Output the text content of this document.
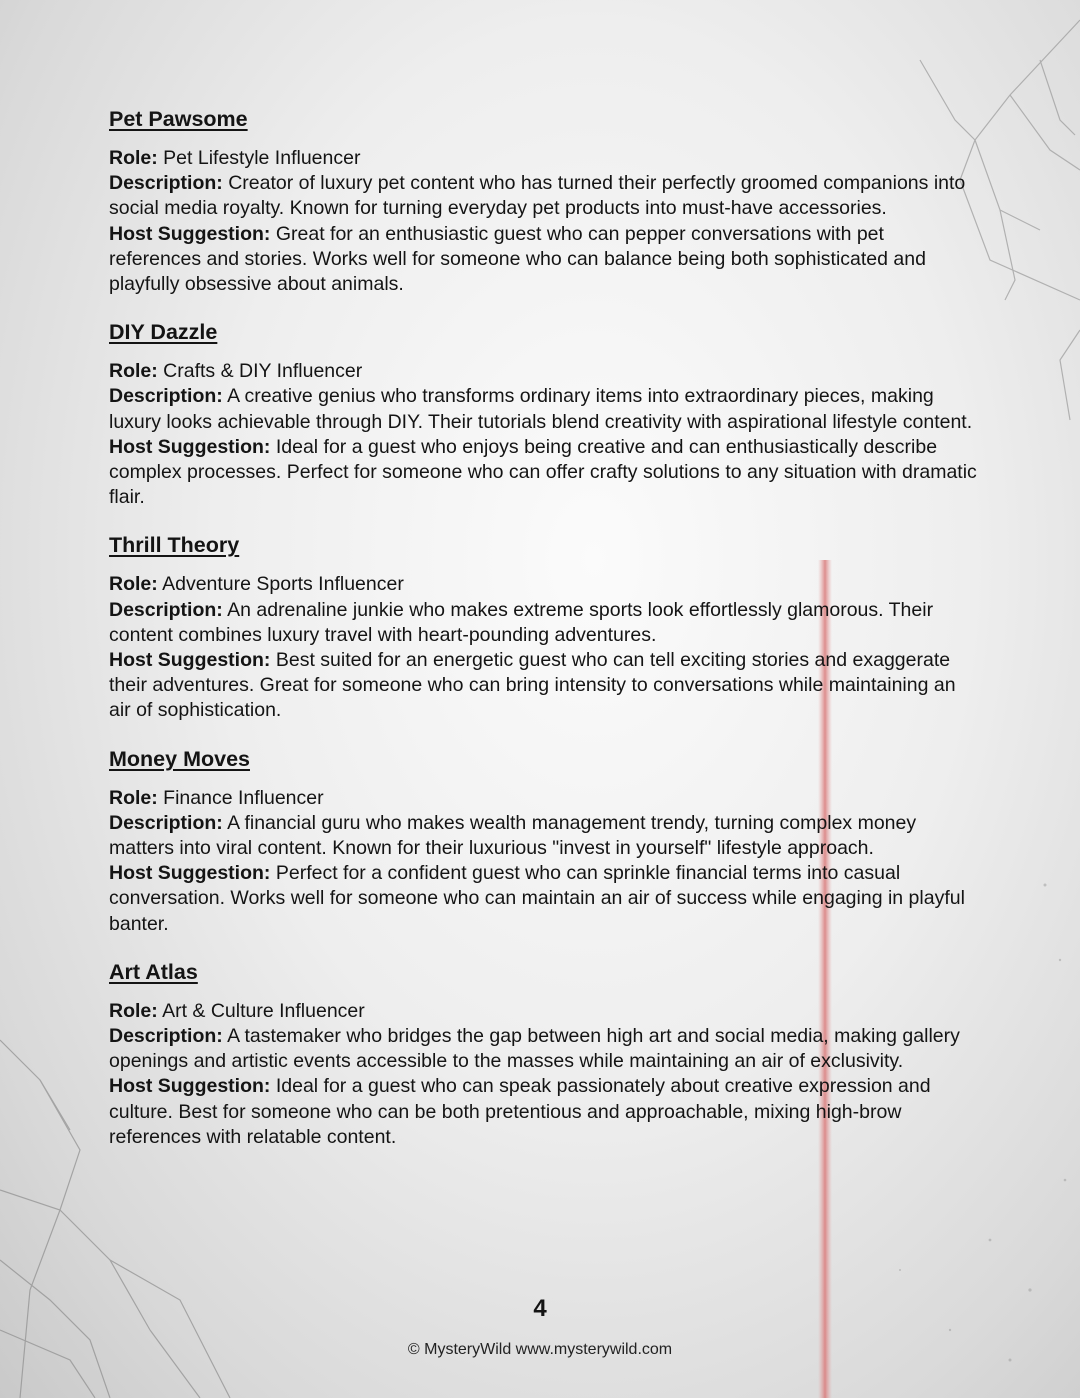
Pet Pawsome
Role: Pet Lifestyle Influencer
Description: Creator of luxury pet content who has turned their perfectly groomed companions into social media royalty. Known for turning everyday pet products into must-have accessories.
Host Suggestion: Great for an enthusiastic guest who can pepper conversations with pet references and stories. Works well for someone who can balance being both sophisticated and playfully obsessive about animals.
DIY Dazzle
Role: Crafts & DIY Influencer
Description: A creative genius who transforms ordinary items into extraordinary pieces, making luxury looks achievable through DIY. Their tutorials blend creativity with aspirational lifestyle content.
Host Suggestion: Ideal for a guest who enjoys being creative and can enthusiastically describe complex processes. Perfect for someone who can offer crafty solutions to any situation with dramatic flair.
Thrill Theory
Role: Adventure Sports Influencer
Description: An adrenaline junkie who makes extreme sports look effortlessly glamorous. Their content combines luxury travel with heart-pounding adventures.
Host Suggestion: Best suited for an energetic guest who can tell exciting stories and exaggerate their adventures. Great for someone who can bring intensity to conversations while maintaining an air of sophistication.
Money Moves
Role: Finance Influencer
Description: A financial guru who makes wealth management trendy, turning complex money matters into viral content. Known for their luxurious "invest in yourself" lifestyle approach.
Host Suggestion: Perfect for a confident guest who can sprinkle financial terms into casual conversation. Works well for someone who can maintain an air of success while engaging in playful banter.
Art Atlas
Role: Art & Culture Influencer
Description: A tastemaker who bridges the gap between high art and social media, making gallery openings and artistic events accessible to the masses while maintaining an air of exclusivity.
Host Suggestion: Ideal for a guest who can speak passionately about creative expression and culture. Best for someone who can be both pretentious and approachable, mixing high-brow references with relatable content.
4
© MysteryWild www.mysterywild.com
